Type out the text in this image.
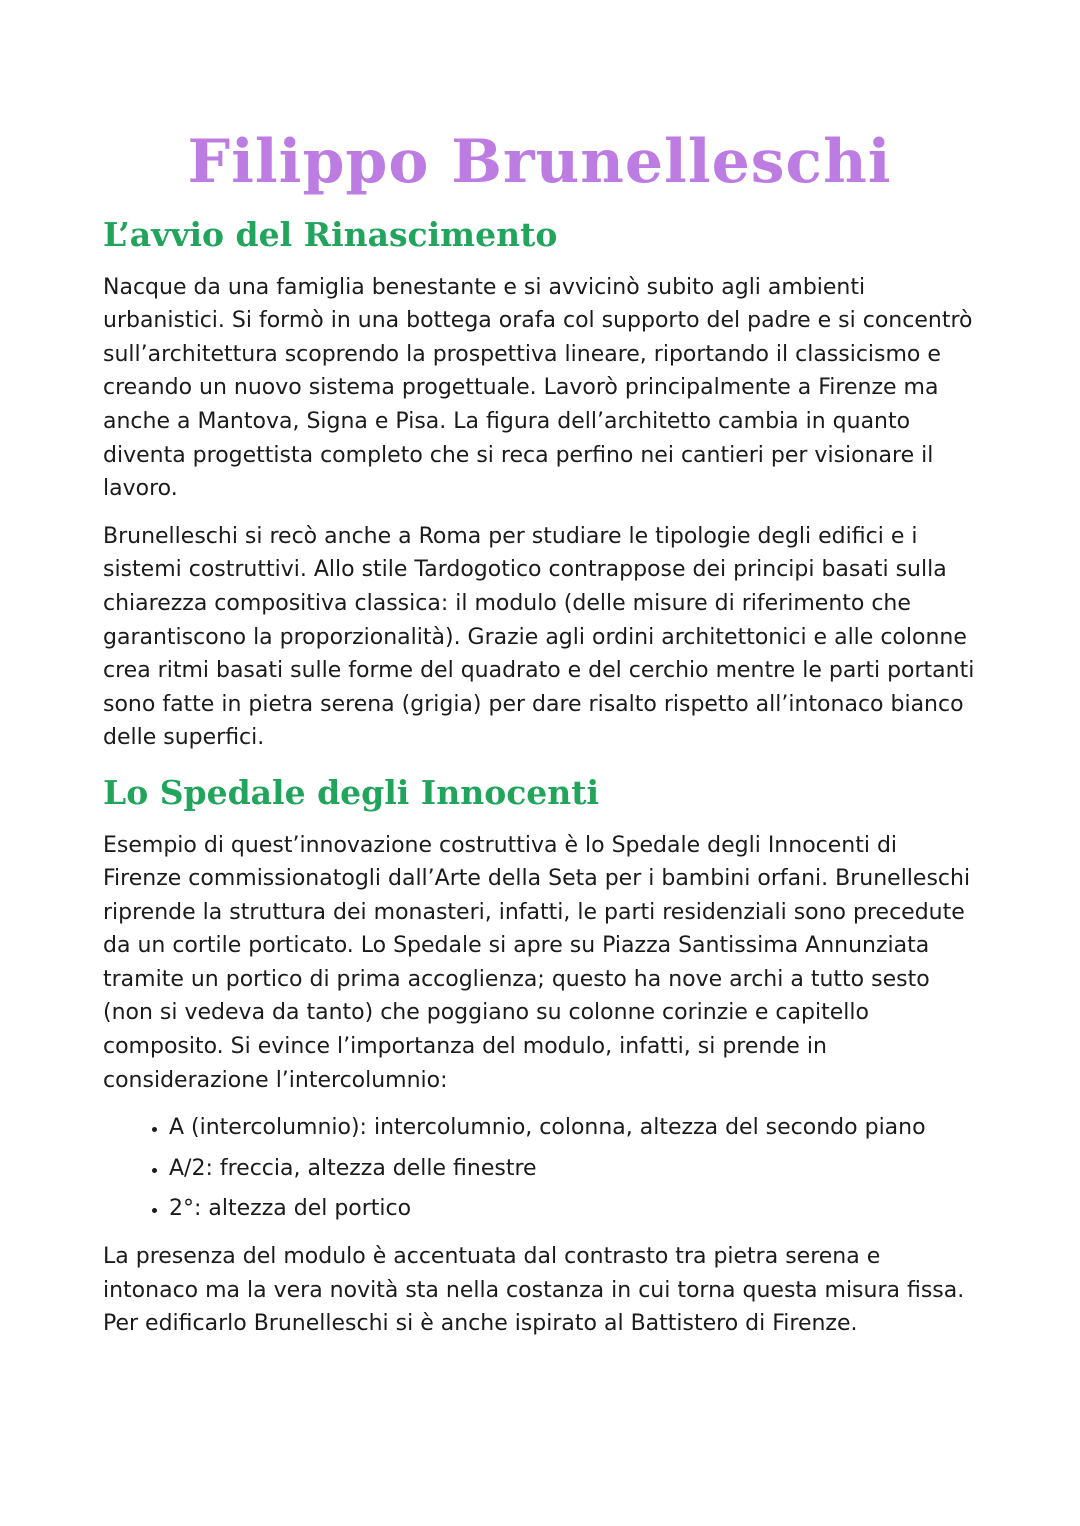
Filippo Brunelleschi
L’avvio del Rinascimento

Nacque da una famiglia benestante e si avvicinò subito agli ambienti urbanistici. Si formò in una bottega orafa col supporto del padre e si concentrò sull’architettura scoprendo la prospettiva lineare, riportando il classicismo e creando un nuovo sistema progettuale. Lavorò principalmente a Firenze ma anche a Mantova, Signa e Pisa. La figura dell’architetto cambia in quanto diventa progettista completo che si reca perfino nei cantieri per visionare il lavoro.

Brunelleschi si recò anche a Roma per studiare le tipologie degli edifici e i sistemi costruttivi. Allo stile Tardogotico contrappose dei principi basati sulla chiarezza compositiva classica: il modulo (delle misure di riferimento che garantiscono la proporzionalità). Grazie agli ordini architettonici e alle colonne crea ritmi basati sulle forme del quadrato e del cerchio mentre le parti portanti sono fatte in pietra serena (grigia) per dare risalto rispetto all’intonaco bianco delle superfici.

Lo Spedale degli Innocenti

Esempio di quest’innovazione costruttiva è lo Spedale degli Innocenti di Firenze commissionatogli dall’Arte della Seta per i bambini orfani. Brunelleschi riprende la struttura dei monasteri, infatti, le parti residenziali sono precedute da un cortile porticato. Lo Spedale si apre su Piazza Santissima Annunziata tramite un portico di prima accoglienza; questo ha nove archi a tutto sesto (non si vedeva da tanto) che poggiano su colonne corinzie e capitello composito. Si evince l’importanza del modulo, infatti, si prende in considerazione l’intercolumnio:

• A (intercolumnio): intercolumnio, colonna, altezza del secondo piano
• A/2: freccia, altezza delle finestre
• 2°: altezza del portico

La presenza del modulo è accentuata dal contrasto tra pietra serena e intonaco ma la vera novità sta nella costanza in cui torna questa misura fissa. Per edificarlo Brunelleschi si è anche ispirato al Battistero di Firenze.
